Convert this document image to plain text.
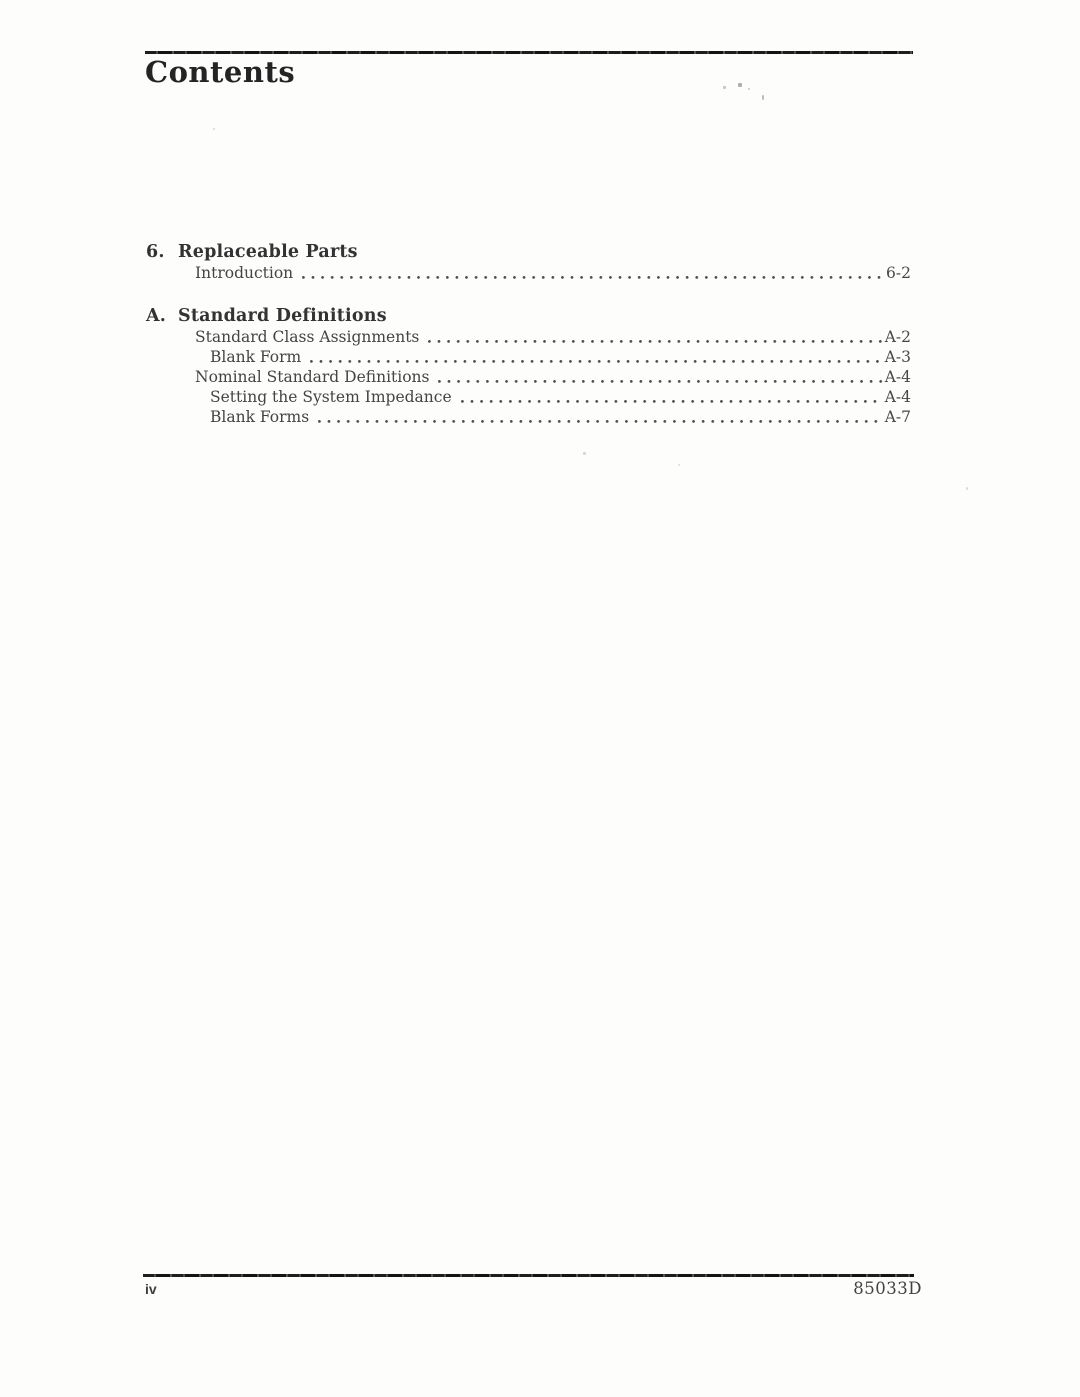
Contents
6. Replaceable Parts
Introduction	6-2
A. Standard Definitions
Standard Class Assignments	A-2
Blank Form	A-3
Nominal Standard Definitions	A-4
Setting the System Impedance	A-4
Blank Forms	A-7
iv	85033D
